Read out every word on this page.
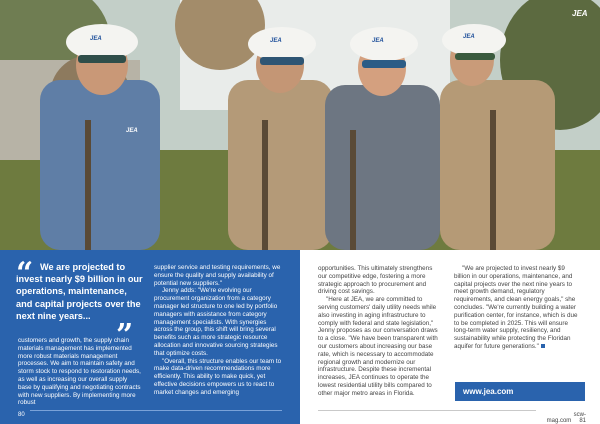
JEA	JEA	JEA
JEA
JEA
JEA
“ We are projected to invest nearly $9 billion in our operations, maintenance, and capital projects over the next nine years...
”

customers and growth, the supply chain materials management has implemented more robust materials management processes. We aim to maintain safety and storm stock to respond to restoration needs, as well as increasing our overall supply base by qualifying and negotiating contracts with new suppliers. By implementing more robust

supplier service and testing requirements, we ensure the quality and supply availability of potential new suppliers."

Jenny adds: "We're evolving our procurement organization from a category manager led structure to one led by portfolio managers with assistance from category management specialists. With synergies across the group, this shift will bring several benefits such as more strategic resource allocation and innovative sourcing strategies that optimize costs.

"Overall, this structure enables our team to make data-driven recommendations more efficiently. This ability to make quick, yet effective decisions empowers us to react to market changes and emerging

80

opportunities. This ultimately strengthens our competitive edge, fostering a more strategic approach to procurement and driving cost savings.

"Here at JEA, we are committed to serving customers' daily utility needs while also investing in aging infrastructure to comply with federal and state legislation," Jenny proposes as our conversation draws to a close. "We have been transparent with our customers about increasing our base rate, which is necessary to accommodate regional growth and modernize our infrastructure. Despite these incremental increases, JEA continues to operate the lowest residential utility bills compared to other major metro areas in Florida.

"We are projected to invest nearly $9 billion in our operations, maintenance, and capital projects over the next nine years to meet growth demand, regulatory requirements, and clean energy goals," she concludes. "We're currently building a water purification center, for instance, which is due to be completed in 2025. This will ensure long-term water supply, resiliency, and sustainability while protecting the Floridan aquifer for future generations."

www.jea.com
scw-mag.com 81
